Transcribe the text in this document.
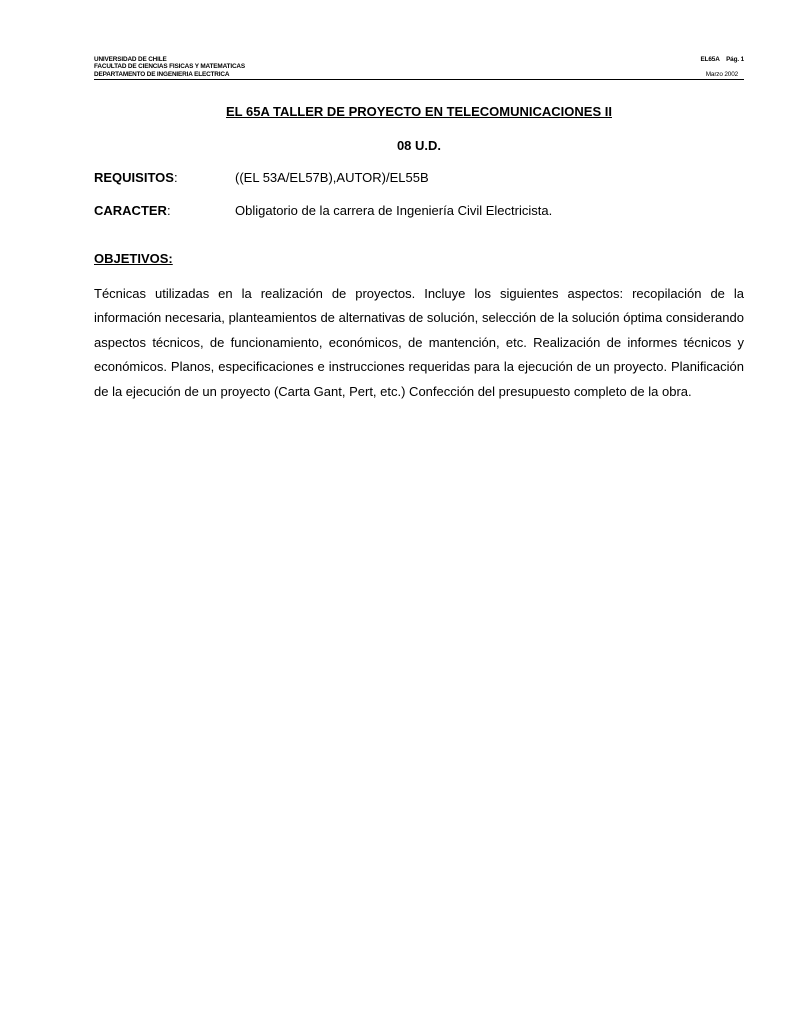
UNIVERSIDAD DE CHILE
FACULTAD DE CIENCIAS FISICAS Y MATEMATICAS
DEPARTAMENTO DE INGENIERIA ELECTRICA
EL65A Pág. 1
Marzo 2002
EL 65A TALLER DE PROYECTO EN TELECOMUNICACIONES II
08 U.D.
REQUISITOS:	((EL 53A/EL57B),AUTOR)/EL55B
CARACTER:	Obligatorio de la carrera de Ingeniería Civil Electricista.
OBJETIVOS:
Técnicas utilizadas en la realización de proyectos. Incluye los siguientes aspectos: recopilación de la información necesaria, planteamientos de alternativas de solución, selección de la solución óptima considerando aspectos técnicos, de funcionamiento, económicos, de mantención, etc. Realización de informes técnicos y económicos. Planos, especificaciones e instrucciones requeridas para la ejecución de un proyecto. Planificación de la ejecución de un proyecto (Carta Gant, Pert, etc.) Confección del presupuesto completo de la obra.
